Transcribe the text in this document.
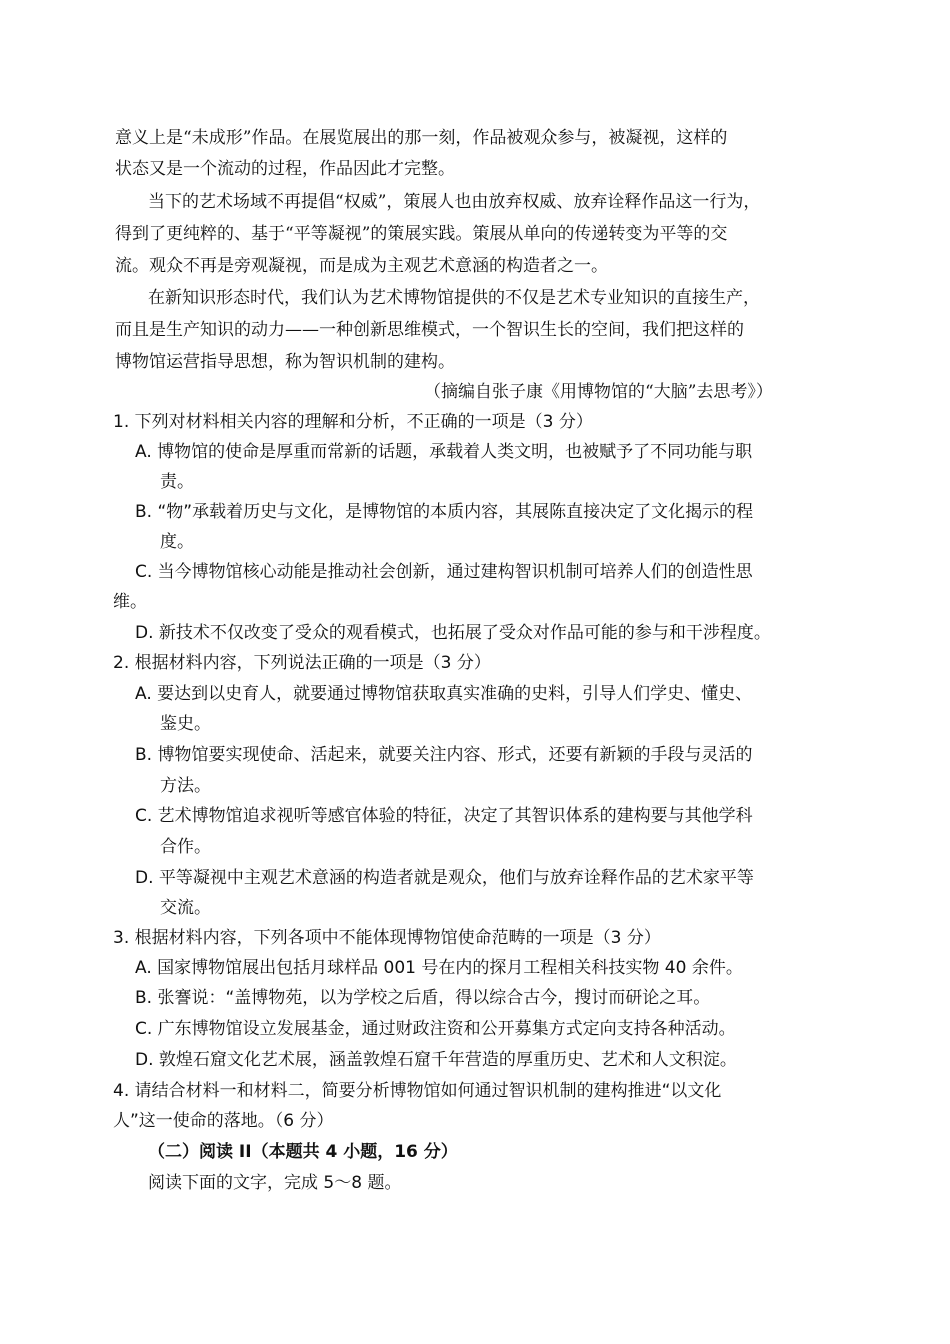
意义上是“未成形”作品。在展览展出的那一刻，作品被观众参与，被凝视，这样的
状态又是一个流动的过程，作品因此才完整。
当下的艺术场域不再提倡“权威”，策展人也由放弃权威、放弃诠释作品这一行为，
得到了更纯粹的、基于“平等凝视”的策展实践。策展从单向的传递转变为平等的交
流。观众不再是旁观凝视，而是成为主观艺术意涵的构造者之一。
在新知识形态时代，我们认为艺术博物馆提供的不仅是艺术专业知识的直接生产，
而且是生产知识的动力——一种创新思维模式，一个智识生长的空间，我们把这样的
博物馆运营指导思想，称为智识机制的建构。
（摘编自张子康《用博物馆的“大脑”去思考》）
1. 下列对材料相关内容的理解和分析，不正确的一项是（3 分）
A. 博物馆的使命是厚重而常新的话题，承载着人类文明，也被赋予了不同功能与职
责。
B. “物”承载着历史与文化，是博物馆的本质内容，其展陈直接决定了文化揭示的程
度。
C. 当今博物馆核心动能是推动社会创新，通过建构智识机制可培养人们的创造性思
维。
D. 新技术不仅改变了受众的观看模式，也拓展了受众对作品可能的参与和干涉程度。
2. 根据材料内容，下列说法正确的一项是（3 分）
A. 要达到以史育人，就要通过博物馆获取真实准确的史料，引导人们学史、懂史、
鉴史。
B. 博物馆要实现使命、活起来，就要关注内容、形式，还要有新颖的手段与灵活的
方法。
C. 艺术博物馆追求视听等感官体验的特征，决定了其智识体系的建构要与其他学科
合作。
D. 平等凝视中主观艺术意涵的构造者就是观众，他们与放弃诠释作品的艺术家平等
交流。
3. 根据材料内容，下列各项中不能体现博物馆使命范畴的一项是（3 分）
A. 国家博物馆展出包括月球样品 001 号在内的探月工程相关科技实物 40 余件。
B. 张謇说：“盖博物苑，以为学校之后盾，得以综合古今，搜讨而研论之耳。
C. 广东博物馆设立发展基金，通过财政注资和公开募集方式定向支持各种活动。
D. 敦煌石窟文化艺术展，涵盖敦煌石窟千年营造的厚重历史、艺术和人文积淀。
4. 请结合材料一和材料二，简要分析博物馆如何通过智识机制的建构推进“以文化
人”这一使命的落地。（6 分）
（二）阅读 II（本题共 4 小题，16 分）
阅读下面的文字，完成 5～8 题。
